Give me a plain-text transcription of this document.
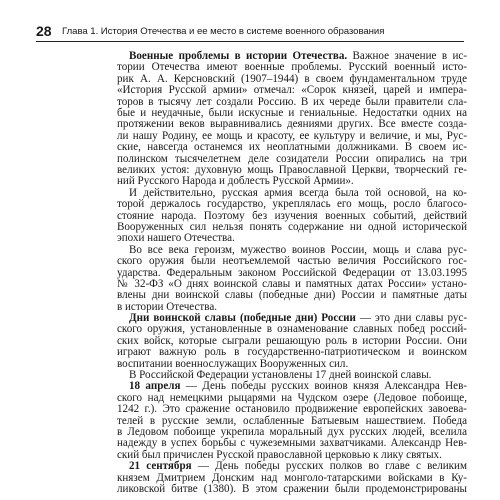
28 Глава 1. История Отечества и ее место в системе военного образования
Военные проблемы в истории Отечества. Важное значение в ис-
тории Отечества имеют военные проблемы. Русский военный исто-
рик А. А. Керсновский (1907–1944) в своем фундаментальном труде
«История Русской армии» отмечал: «Сорок князей, царей и импера-
торов в тысячу лет создали Россию. В их череде были правители сла-
бые и неудачные, были искусные и гениальные. Недостатки одних на
протяжении веков выравнивались деяниями других. Все вместе созда-
ли нашу Родину, ее мощь и красоту, ее культуру и величие, и мы, Рус-
ские, навсегда останемся их неоплатными должниками. В своем ис-
полинском тысячелетнем деле созидатели России опирались на три
великих устоя: духовную мощь Православной Церкви, творческий ге-
ний Русского Народа и доблесть Русской Армии».
И действительно, русская армия всегда была той основой, на ко-
торой держалось государство, укреплялась его мощь, росло благосо-
стояние народа. Поэтому без изучения военных событий, действий
Вооруженных сил нельзя понять содержание ни одной исторической
эпохи нашего Отечества.
Во все века героизм, мужество воинов России, мощь и слава рус-
ского оружия были неотъемлемой частью величия Российского гос-
ударства. Федеральным законом Российской Федерации от 13.03.1995
№ 32-ФЗ «О днях воинской славы и памятных датах России» устано-
влены дни воинской славы (победные дни) России и памятные даты
в истории Отечества.
Дни воинской славы (победные дни) России — это дни славы рус-
ского оружия, установленные в ознаменование славных побед россий-
ских войск, которые сыграли решающую роль в истории России. Они
играют важную роль в государственно-патриотическом и воинском
воспитании военнослужащих Вооруженных сил.
В Российской Федерации установлены 17 дней воинской славы.
18 апреля — День победы русских воинов князя Александра Нев-
ского над немецкими рыцарями на Чудском озере (Ледовое побоище,
1242 г.). Это сражение остановило продвижение европейских завоева-
телей в русские земли, ослабленные Батыевым нашествием. Победа
в Ледовом побоище укрепила моральный дух русских людей, вселила
надежду в успех борьбы с чужеземными захватчиками. Александр Нев-
ский был причислен Русской православной церковью к лику святых.
21 сентября — День победы русских полков во главе с великим
князем Дмитрием Донским над монголо-татарскими войсками в Ку-
ликовской битве (1380). В этом сражении были продемонстрированы
